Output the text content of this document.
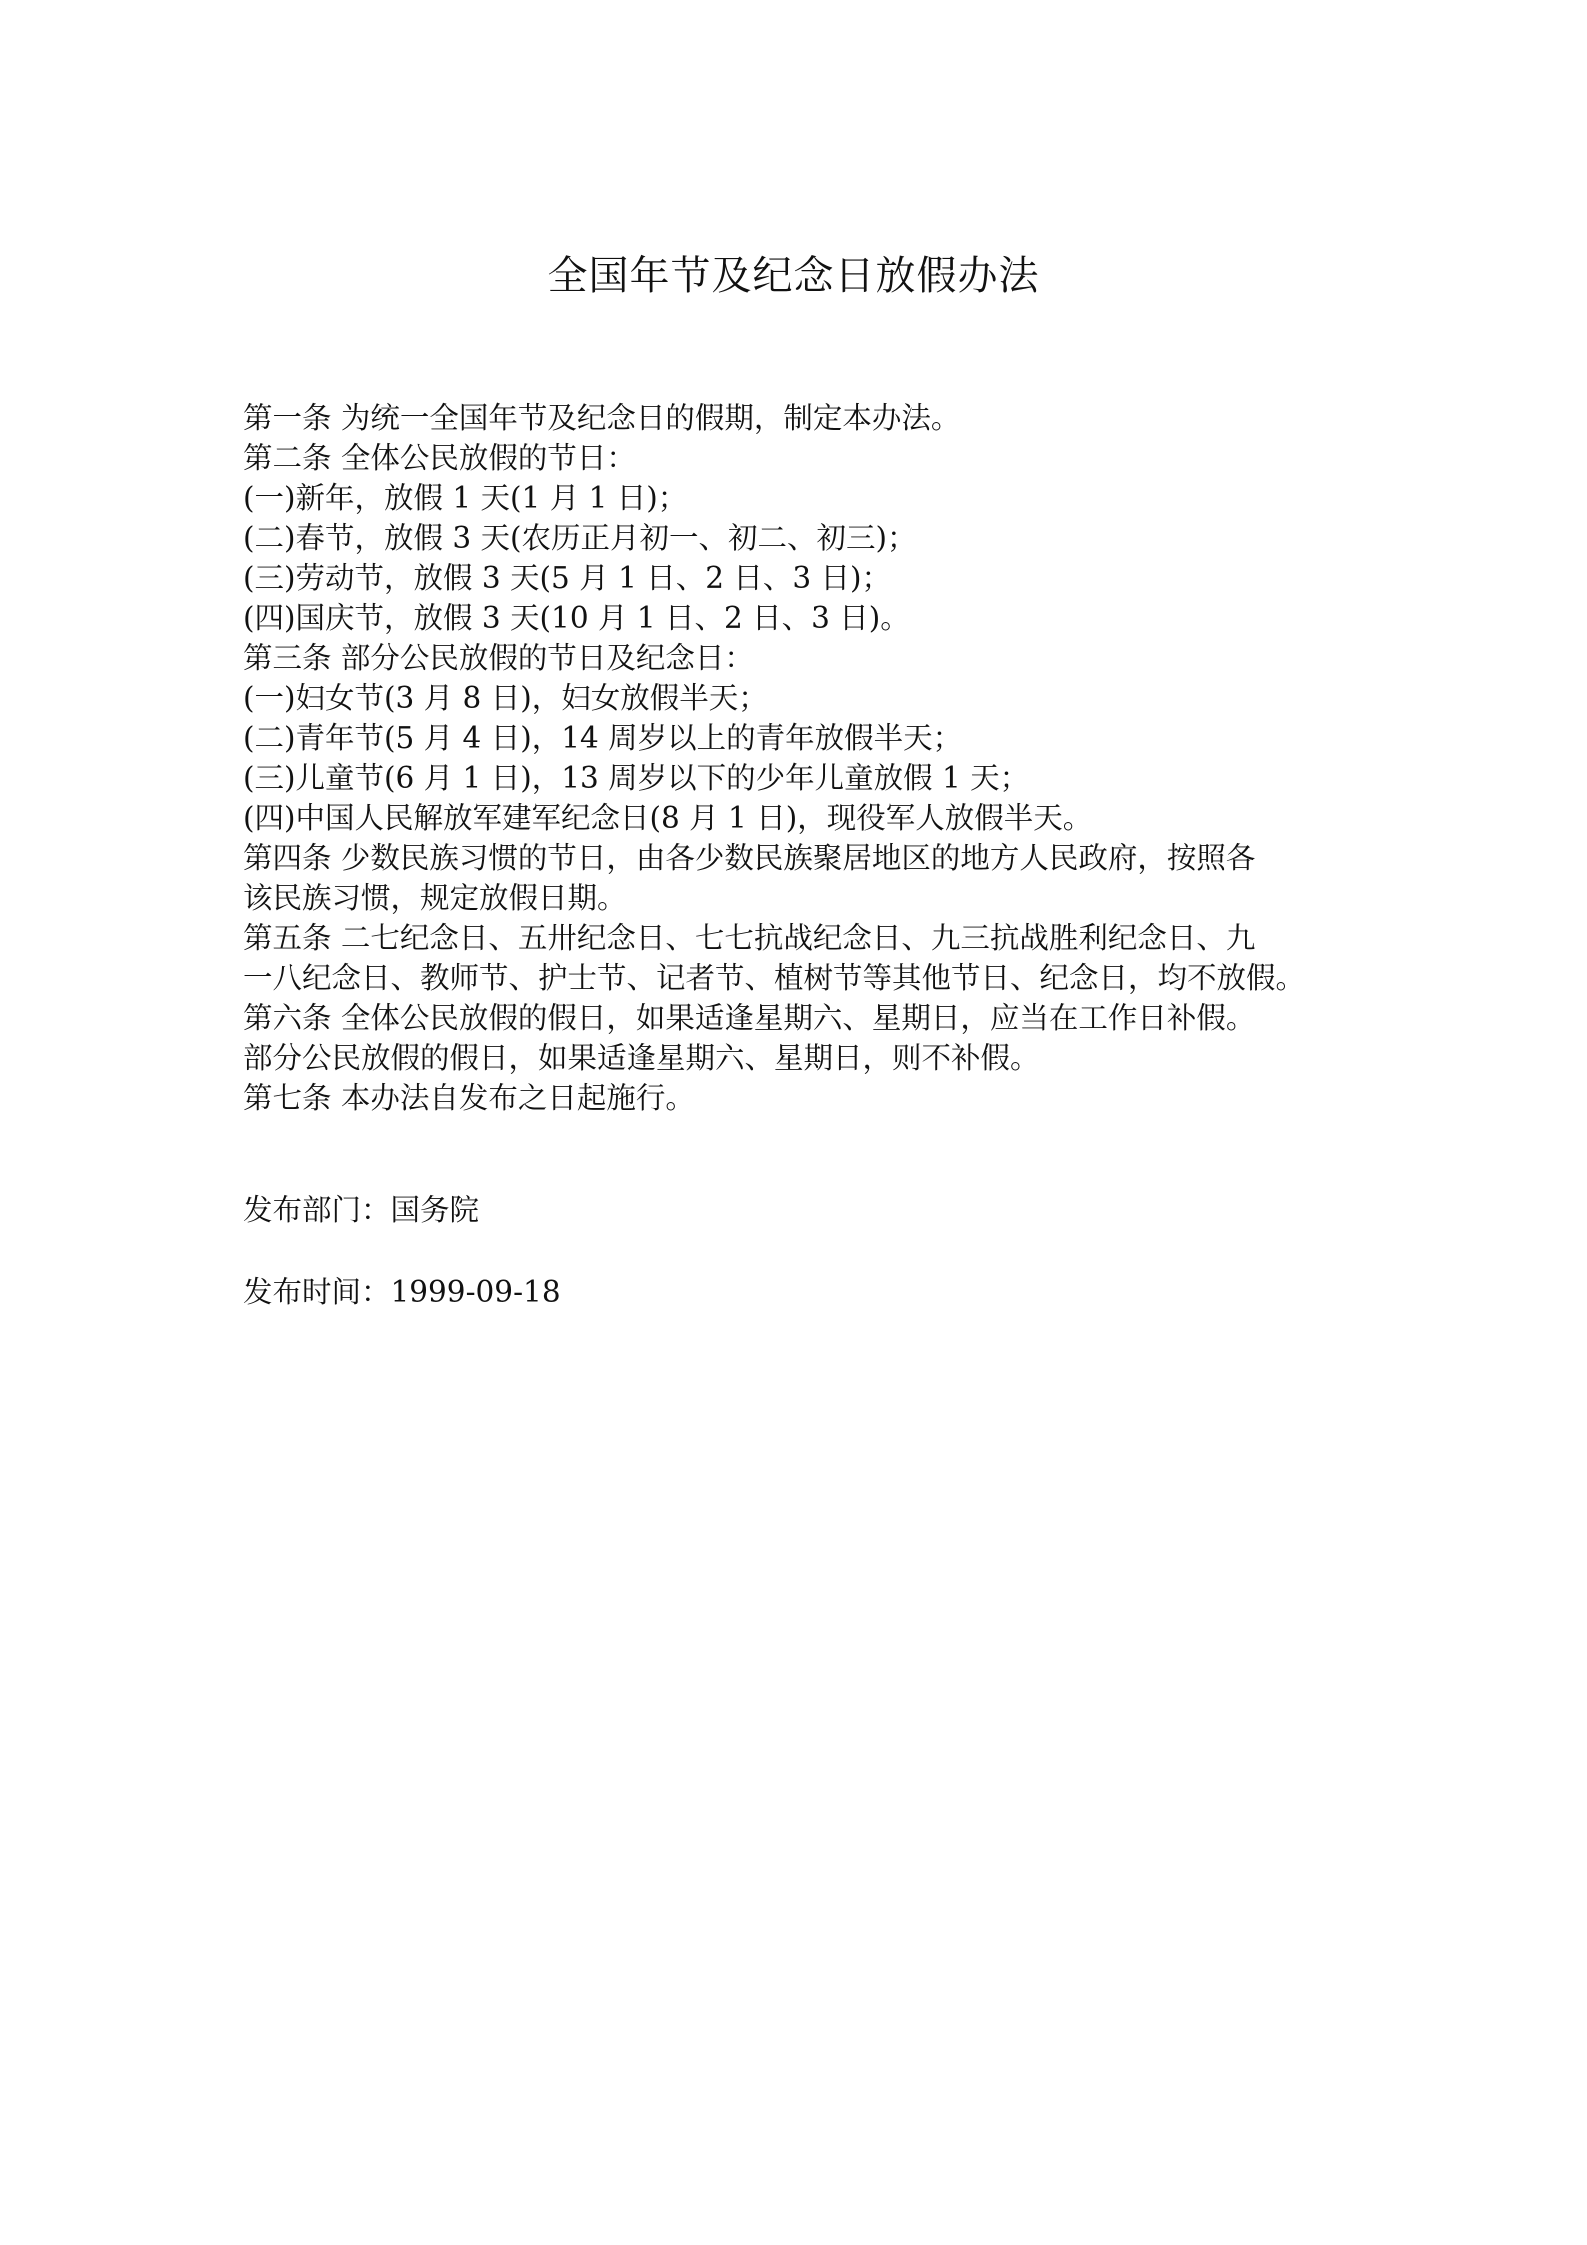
全国年节及纪念日放假办法
第一条 为统一全国年节及纪念日的假期，制定本办法。
第二条 全体公民放假的节日：
(一)新年，放假 1 天(1 月 1 日)；
(二)春节，放假 3 天(农历正月初一、初二、初三)；
(三)劳动节，放假 3 天(5 月 1 日、2 日、3 日)；
(四)国庆节，放假 3 天(10 月 1 日、2 日、3 日)。
第三条 部分公民放假的节日及纪念日：
(一)妇女节(3 月 8 日)，妇女放假半天；
(二)青年节(5 月 4 日)，14 周岁以上的青年放假半天；
(三)儿童节(6 月 1 日)，13 周岁以下的少年儿童放假 1 天；
(四)中国人民解放军建军纪念日(8 月 1 日)，现役军人放假半天。
第四条 少数民族习惯的节日，由各少数民族聚居地区的地方人民政府，按照各
该民族习惯，规定放假日期。
第五条 二七纪念日、五卅纪念日、七七抗战纪念日、九三抗战胜利纪念日、九
一八纪念日、教师节、护士节、记者节、植树节等其他节日、纪念日，均不放假。
第六条 全体公民放假的假日，如果适逢星期六、星期日，应当在工作日补假。
部分公民放假的假日，如果适逢星期六、星期日，则不补假。
第七条 本办法自发布之日起施行。
发布部门：国务院
发布时间：1999-09-18
